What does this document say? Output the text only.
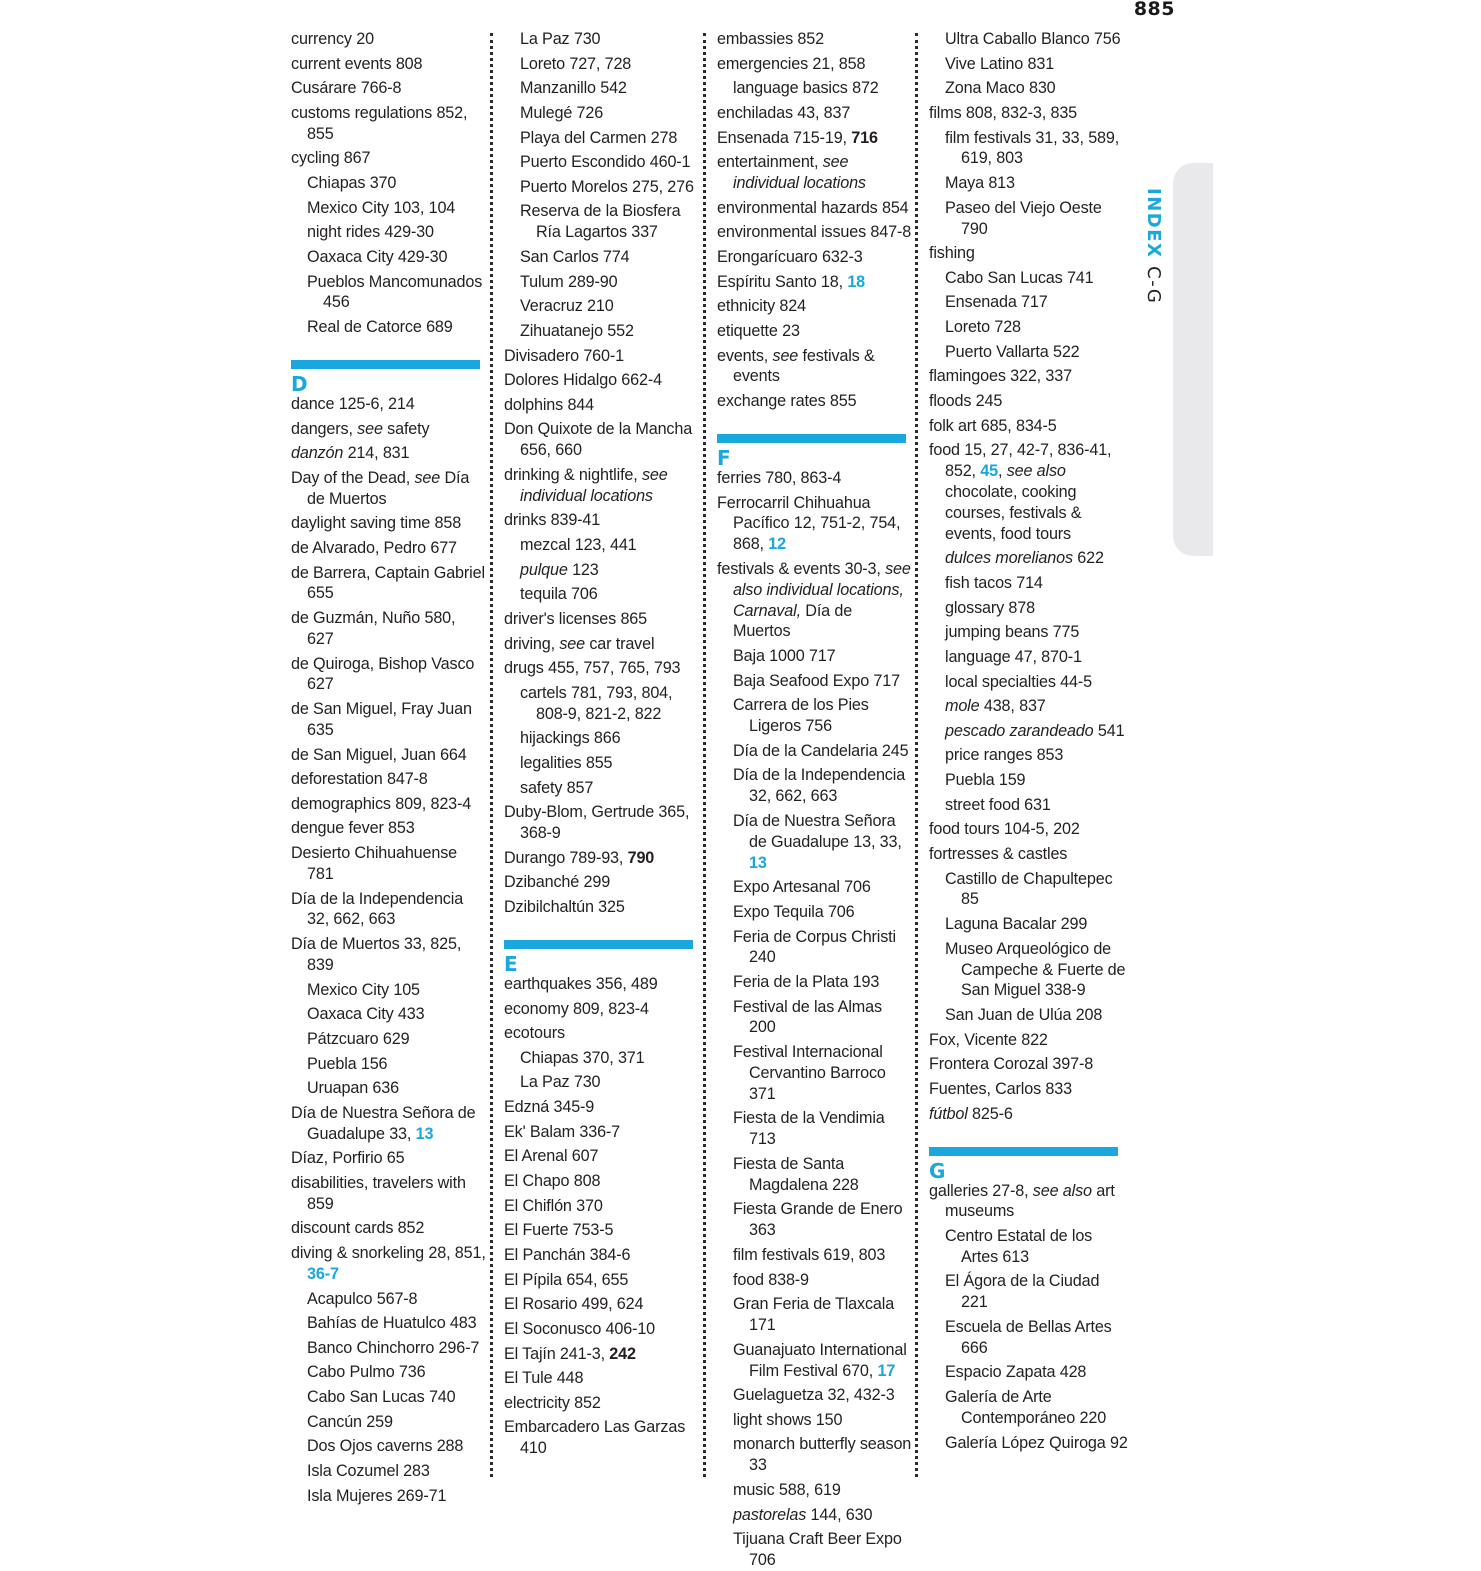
885
currency 20
current events 808
Cusárare 766-8
customs regulations 852, 855
cycling 867
Chiapas 370
Mexico City 103, 104
night rides 429-30
Oaxaca City 429-30
Pueblos Mancomunados 456
Real de Catorce 689
D
dance 125-6, 214
dangers, see safety
danzón 214, 831
Day of the Dead, see Día de Muertos
daylight saving time 858
de Alvarado, Pedro 677
de Barrera, Captain Gabriel 655
de Guzmán, Nuño 580, 627
de Quiroga, Bishop Vasco 627
de San Miguel, Fray Juan 635
de San Miguel, Juan 664
deforestation 847-8
demographics 809, 823-4
dengue fever 853
Desierto Chihuahuense 781
Día de la Independencia 32, 662, 663
Día de Muertos 33, 825, 839
Mexico City 105
Oaxaca City 433
Pátzcuaro 629
Puebla 156
Uruapan 636
Día de Nuestra Señora de Guadalupe 33, 13
Díaz, Porfirio 65
disabilities, travelers with 859
discount cards 852
diving & snorkeling 28, 851, 36-7
Acapulco 567-8
Bahías de Huatulco 483
Banco Chinchorro 296-7
Cabo Pulmo 736
Cabo San Lucas 740
Cancún 259
Dos Ojos caverns 288
Isla Cozumel 283
Isla Mujeres 269-71
La Paz 730
Loreto 727, 728
Manzanillo 542
Mulegé 726
Playa del Carmen 278
Puerto Escondido 460-1
Puerto Morelos 275, 276
Reserva de la Biosfera Ría Lagartos 337
San Carlos 774
Tulum 289-90
Veracruz 210
Zihuatanejo 552
Divisadero 760-1
Dolores Hidalgo 662-4
dolphins 844
Don Quixote de la Mancha 656, 660
drinking & nightlife, see individual locations
drinks 839-41
mezcal 123, 441
pulque 123
tequila 706
driver's licenses 865
driving, see car travel
drugs 455, 757, 765, 793
cartels 781, 793, 804, 808-9, 821-2, 822
hijackings 866
legalities 855
safety 857
Duby-Blom, Gertrude 365, 368-9
Durango 789-93, 790
Dzibanché 299
Dzibilchaltún 325
E
earthquakes 356, 489
economy 809, 823-4
ecotours
Chiapas 370, 371
La Paz 730
Edzná 345-9
Ek' Balam 336-7
El Arenal 607
El Chapo 808
El Chiflón 370
El Fuerte 753-5
El Panchán 384-6
El Pípila 654, 655
El Rosario 499, 624
El Soconusco 406-10
El Tajín 241-3, 242
El Tule 448
electricity 852
Embarcadero Las Garzas 410
embassies 852
emergencies 21, 858
language basics 872
enchiladas 43, 837
Ensenada 715-19, 716
entertainment, see individual locations
environmental hazards 854
environmental issues 847-8
Erongarícuaro 632-3
Espíritu Santo 18, 18
ethnicity 824
etiquette 23
events, see festivals & events
exchange rates 855
F
ferries 780, 863-4
Ferrocarril Chihuahua Pacífico 12, 751-2, 754, 868, 12
festivals & events 30-3, see also individual locations, Carnaval, Día de Muertos
Baja 1000 717
Baja Seafood Expo 717
Carrera de los Pies Ligeros 756
Día de la Candelaria 245
Día de la Independencia 32, 662, 663
Día de Nuestra Señora de Guadalupe 13, 33, 13
Expo Artesanal 706
Expo Tequila 706
Feria de Corpus Christi 240
Feria de la Plata 193
Festival de las Almas 200
Festival Internacional Cervantino Barroco 371
Fiesta de la Vendimia 713
Fiesta de Santa Magdalena 228
Fiesta Grande de Enero 363
film festivals 619, 803
food 838-9
Gran Feria de Tlaxcala 171
Guanajuato International Film Festival 670, 17
Guelaguetza 32, 432-3
light shows 150
monarch butterfly season 33
music 588, 619
pastorelas 144, 630
Tijuana Craft Beer Expo 706
Ultra Caballo Blanco 756
Vive Latino 831
Zona Maco 830
films 808, 832-3, 835
film festivals 31, 33, 589, 619, 803
Maya 813
Paseo del Viejo Oeste 790
fishing
Cabo San Lucas 741
Ensenada 717
Loreto 728
Puerto Vallarta 522
flamingoes 322, 337
floods 245
folk art 685, 834-5
food 15, 27, 42-7, 836-41, 852, 45, see also chocolate, cooking courses, festivals & events, food tours
dulces morelianos 622
fish tacos 714
glossary 878
jumping beans 775
language 47, 870-1
local specialties 44-5
mole 438, 837
pescado zarandeado 541
price ranges 853
Puebla 159
street food 631
food tours 104-5, 202
fortresses & castles
Castillo de Chapultepec 85
Laguna Bacalar 299
Museo Arqueológico de Campeche & Fuerte de San Miguel 338-9
San Juan de Ulúa 208
Fox, Vicente 822
Frontera Corozal 397-8
Fuentes, Carlos 833
fútbol 825-6
G
galleries 27-8, see also art museums
Centro Estatal de los Artes 613
El Ágora de la Ciudad 221
Escuela de Bellas Artes 666
Espacio Zapata 428
Galería de Arte Contemporáneo 220
Galería López Quiroga 92
INDEX C-G
